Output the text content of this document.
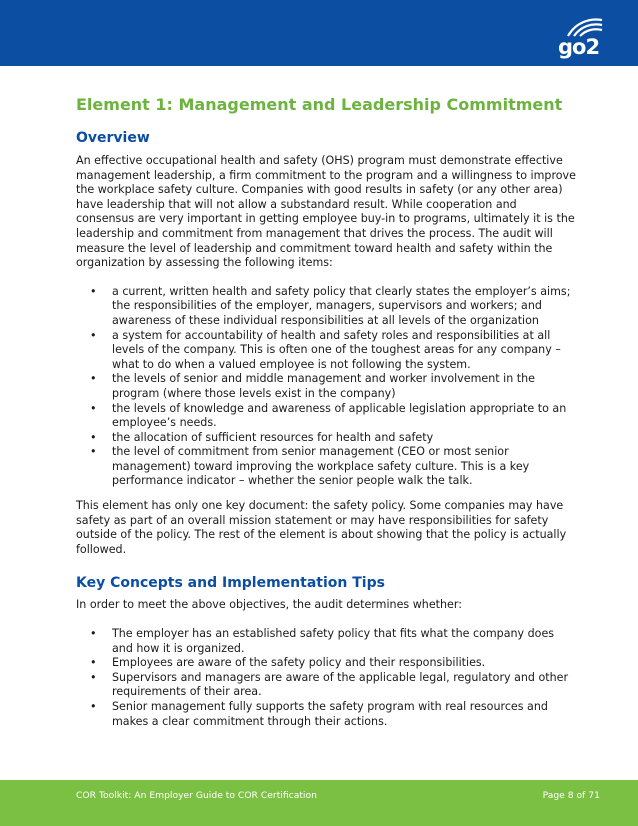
go2
Element 1: Management and Leadership Commitment
Overview

An effective occupational health and safety (OHS) program must demonstrate effective management leadership, a firm commitment to the program and a willingness to improve the workplace safety culture. Companies with good results in safety (or any other area) have leadership that will not allow a substandard result. While cooperation and consensus are very important in getting employee buy-in to programs, ultimately it is the leadership and commitment from management that drives the process. The audit will measure the level of leadership and commitment toward health and safety within the organization by assessing the following items:

•	a current, written health and safety policy that clearly states the employer’s aims; the responsibilities of the employer, managers, supervisors and workers; and awareness of these individual responsibilities at all levels of the organization
•	a system for accountability of health and safety roles and responsibilities at all levels of the company. This is often one of the toughest areas for any company – what to do when a valued employee is not following the system.
•	the levels of senior and middle management and worker involvement in the program (where those levels exist in the company)
•	the levels of knowledge and awareness of applicable legislation appropriate to an employee’s needs.
•	the allocation of sufficient resources for health and safety
•	the level of commitment from senior management (CEO or most senior management) toward improving the workplace safety culture. This is a key performance indicator – whether the senior people walk the talk.

This element has only one key document: the safety policy. Some companies may have safety as part of an overall mission statement or may have responsibilities for safety outside of the policy. The rest of the element is about showing that the policy is actually followed.

Key Concepts and Implementation Tips

In order to meet the above objectives, the audit determines whether:

•	The employer has an established safety policy that fits what the company does and how it is organized.
•	Employees are aware of the safety policy and their responsibilities.
•	Supervisors and managers are aware of the applicable legal, regulatory and other requirements of their area.
•	Senior management fully supports the safety program with real resources and makes a clear commitment through their actions.
COR Toolkit: An Employer Guide to COR Certification	Page 8 of 71
